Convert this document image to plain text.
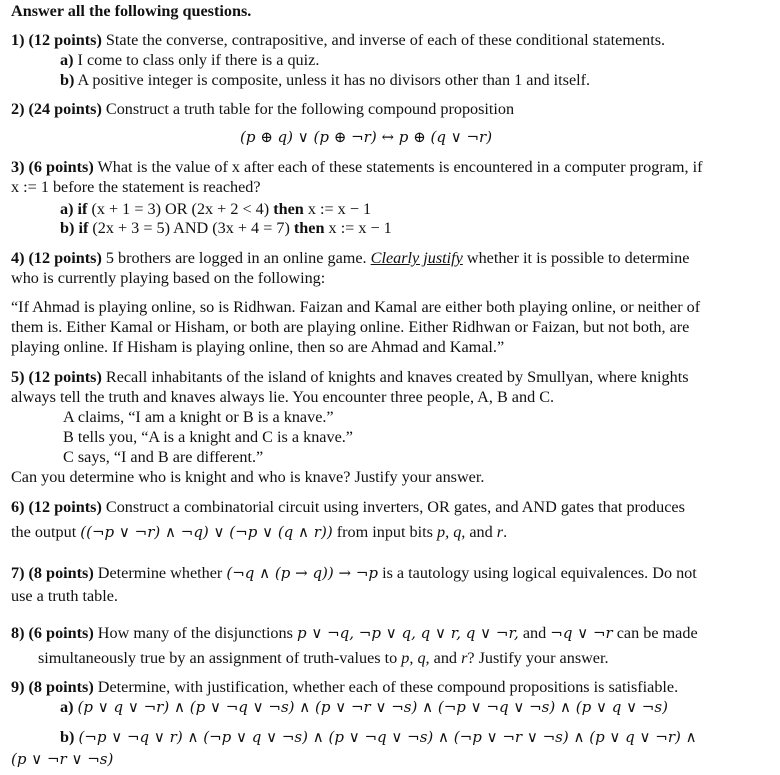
Answer all the following questions.
1) (12 points) State the converse, contrapositive, and inverse of each of these conditional statements.
a) I come to class only if there is a quiz.
b) A positive integer is composite, unless it has no divisors other than 1 and itself.
2) (24 points) Construct a truth table for the following compound proposition
(p ⊕ q) ∨ (p ⊕ ¬r) ↔ p ⊕ (q ∨ ¬r)
3) (6 points) What is the value of x after each of these statements is encountered in a computer program, if
x := 1 before the statement is reached?
a) if (x + 1 = 3) OR (2x + 2 < 4) then x := x − 1
b) if (2x + 3 = 5) AND (3x + 4 = 7) then x := x − 1
4) (12 points) 5 brothers are logged in an online game. Clearly justify whether it is possible to determine
who is currently playing based on the following:
“If Ahmad is playing online, so is Ridhwan. Faizan and Kamal are either both playing online, or neither of
them is. Either Kamal or Hisham, or both are playing online. Either Ridhwan or Faizan, but not both, are
playing online. If Hisham is playing online, then so are Ahmad and Kamal.”
5) (12 points) Recall inhabitants of the island of knights and knaves created by Smullyan, where knights
always tell the truth and knaves always lie. You encounter three people, A, B and C.
A claims, “I am a knight or B is a knave.”
B tells you, “A is a knight and C is a knave.”
C says, “I and B are different.”
Can you determine who is knight and who is knave? Justify your answer.
6) (12 points) Construct a combinatorial circuit using inverters, OR gates, and AND gates that produces
the output ((¬p ∨ ¬r) ∧ ¬q) ∨ (¬p ∨ (q ∧ r)) from input bits p, q, and r.
7) (8 points) Determine whether (¬q ∧ (p → q)) → ¬p is a tautology using logical equivalences. Do not
use a truth table.
8) (6 points) How many of the disjunctions p ∨ ¬q, ¬p ∨ q, q ∨ r, q ∨ ¬r, and ¬q ∨ ¬r can be made
simultaneously true by an assignment of truth-values to p, q, and r? Justify your answer.
9) (8 points) Determine, with justification, whether each of these compound propositions is satisfiable.
a) (p ∨ q ∨ ¬r) ∧ (p ∨ ¬q ∨ ¬s) ∧ (p ∨ ¬r ∨ ¬s) ∧ (¬p ∨ ¬q ∨ ¬s) ∧ (p ∨ q ∨ ¬s)
b) (¬p ∨ ¬q ∨ r) ∧ (¬p ∨ q ∨ ¬s) ∧ (p ∨ ¬q ∨ ¬s) ∧ (¬p ∨ ¬r ∨ ¬s) ∧ (p ∨ q ∨ ¬r) ∧
(p ∨ ¬r ∨ ¬s)
